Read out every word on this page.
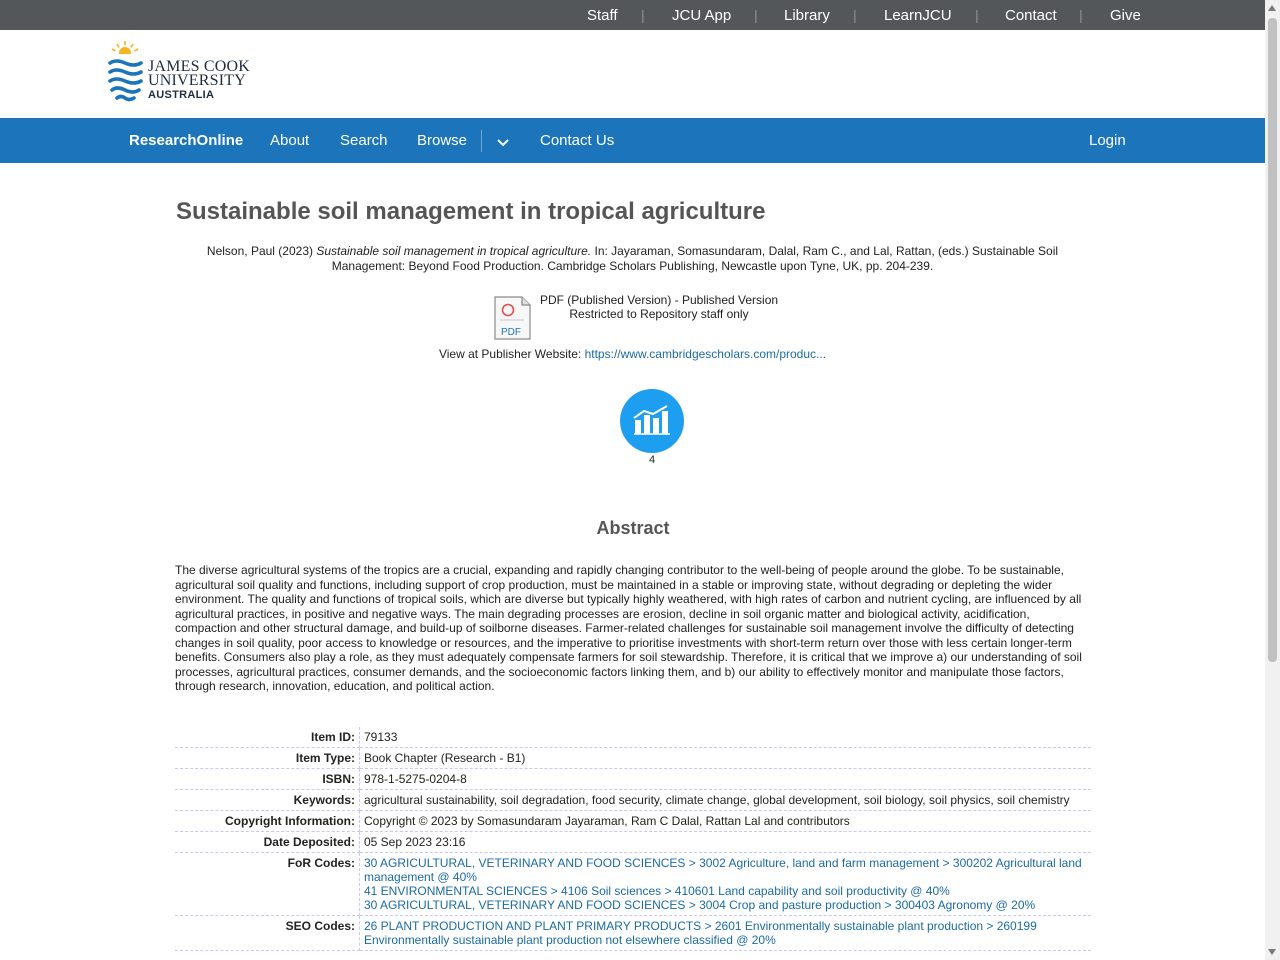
Staff | JCU App | Library | LearnJCU | Contact | Give
JAMES COOK
UNIVERSITY
AUSTRALIA
ResearchOnline About Search Browse	Contact Us	Login
Sustainable soil management in tropical agriculture
Nelson, Paul (2023) Sustainable soil management in tropical agriculture. In: Jayaraman, Somasundaram, Dalal, Ram C., and Lal, Rattan, (eds.) Sustainable Soil Management: Beyond Food Production. Cambridge Scholars Publishing, Newcastle upon Tyne, UK, pp. 204-239.
PDF
PDF (Published Version) - Published Version
Restricted to Repository staff only
View at Publisher Website: https://www.cambridgescholars.com/produc...
4
Abstract

The diverse agricultural systems of the tropics are a crucial, expanding and rapidly changing contributor to the well-being of people around the globe. To be sustainable, agricultural soil quality and functions, including support of crop production, must be maintained in a stable or improving state, without degrading or depleting the wider environment. The quality and functions of tropical soils, which are diverse but typically highly weathered, with high rates of carbon and nutrient cycling, are influenced by all agricultural practices, in positive and negative ways. The main degrading processes are erosion, decline in soil organic matter and biological activity, acidification, compaction and other structural damage, and build-up of soilborne diseases. Farmer-related challenges for sustainable soil management involve the difficulty of detecting changes in soil quality, poor access to knowledge or resources, and the imperative to prioritise investments with short-term return over those with less certain longer-term benefits. Consumers also play a role, as they must adequately compensate farmers for soil stewardship. Therefore, it is critical that we improve a) our understanding of soil processes, agricultural practices, consumer demands, and the socioeconomic factors linking them, and b) our ability to effectively monitor and manipulate those factors, through research, innovation, education, and political action.

Item ID:	79133
Item Type:	Book Chapter (Research - B1)
ISBN:	978-1-5275-0204-8
Keywords:	agricultural sustainability, soil degradation, food security, climate change, global development, soil biology, soil physics, soil chemistry
Copyright Information:	Copyright © 2023 by Somasundaram Jayaraman, Ram C Dalal, Rattan Lal and contributors
Date Deposited:	05 Sep 2023 23:16
FoR Codes:	30 AGRICULTURAL, VETERINARY AND FOOD SCIENCES > 3002 Agriculture, land and farm management > 300202 Agricultural land management @ 40%
41 ENVIRONMENTAL SCIENCES > 4106 Soil sciences > 410601 Land capability and soil productivity @ 40%
30 AGRICULTURAL, VETERINARY AND FOOD SCIENCES > 3004 Crop and pasture production > 300403 Agronomy @ 20%

SEO Codes:	26 PLANT PRODUCTION AND PLANT PRIMARY PRODUCTS > 2601 Environmentally sustainable plant production > 260199 Environmentally sustainable plant production not elsewhere classified @ 20%
